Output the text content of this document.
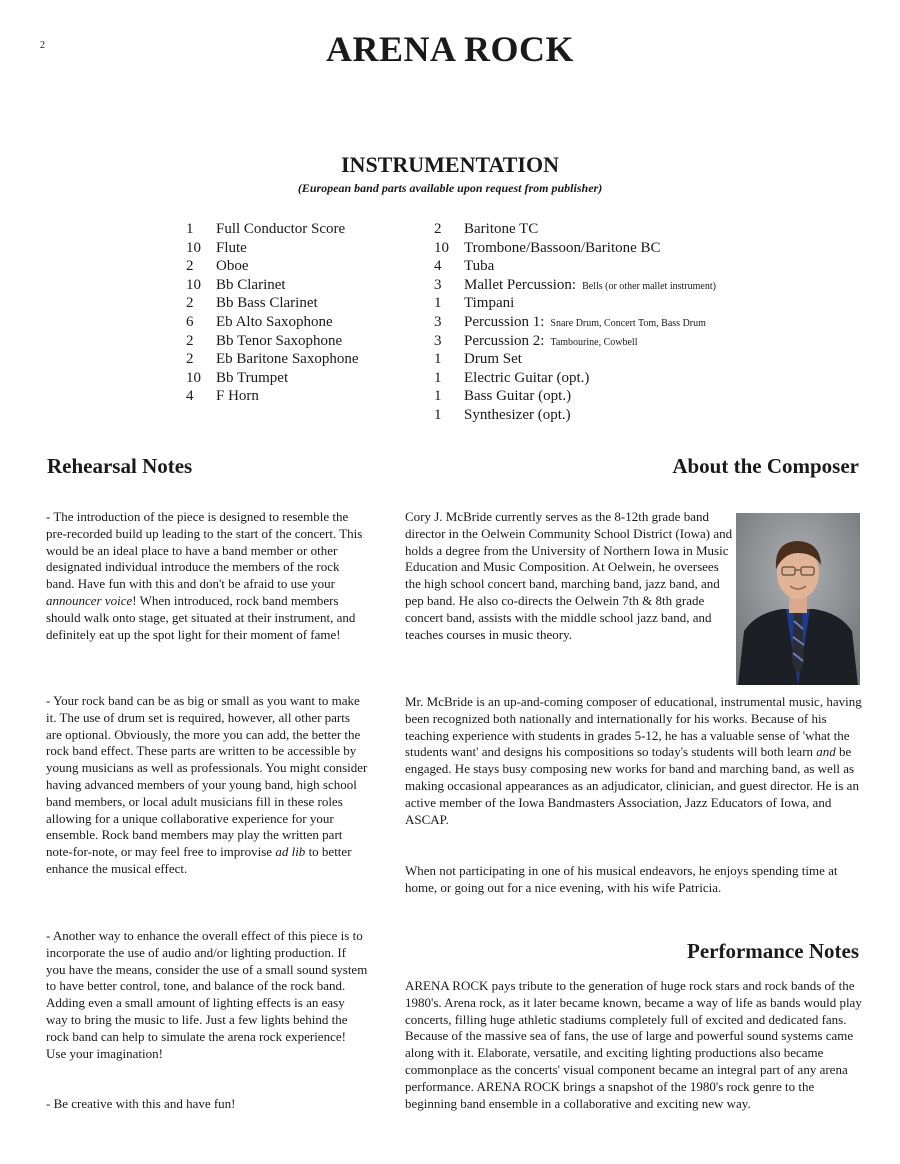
2	ARENA ROCK
INSTRUMENTATION
(European band parts available upon request from publisher)
1 Full Conductor Score
10 Flute
2 Oboe
10 Bb Clarinet
2 Bb Bass Clarinet
6 Eb Alto Saxophone
2 Bb Tenor Saxophone
2 Eb Baritone Saxophone
10 Bb Trumpet
4 F Horn
2 Baritone TC
10 Trombone/Bassoon/Baritone BC
4 Tuba
3 Mallet Percussion: Bells (or other mallet instrument)
1 Timpani
3 Percussion 1: Snare Drum, Concert Tom, Bass Drum
3 Percussion 2: Tambourine, Cowbell
1 Drum Set
1 Electric Guitar (opt.)
1 Bass Guitar (opt.)
1 Synthesizer (opt.)
Rehearsal Notes

- The introduction of the piece is designed to resemble the pre-recorded build up leading to the start of the concert. This would be an ideal place to have a band member or other designated individual introduce the members of the rock band. Have fun with this and don't be afraid to use your announcer voice! When introduced, rock band members should walk onto stage, get situated at their instrument, and definitely eat up the spot light for their moment of fame!

- Your rock band can be as big or small as you want to make it. The use of drum set is required, however, all other parts are optional. Obviously, the more you can add, the better the rock band effect. These parts are written to be accessible by young musicians as well as professionals. You might consider having advanced members of your young band, high school band members, or local adult musicians fill in these roles allowing for a unique collaborative experience for your ensemble. Rock band members may play the written part note-for-note, or may feel free to improvise ad lib to better enhance the musical effect.

- Another way to enhance the overall effect of this piece is to incorporate the use of audio and/or lighting production. If you have the means, consider the use of a small sound system to have better control, tone, and balance of the rock band. Adding even a small amount of lighting effects is an easy way to bring the music to life. Just a few lights behind the rock band can help to simulate the arena rock experience! Use your imagination!

- Be creative with this and have fun!

About the Composer

Cory J. McBride currently serves as the 8-12th grade band director in the Oelwein Community School District (Iowa) and holds a degree from the University of Northern Iowa in Music Education and Music Composition. At Oelwein, he oversees the high school concert band, marching band, jazz band, and pep band. He also co-directs the Oelwein 7th & 8th grade concert band, assists with the middle school jazz band, and teaches courses in music theory.

Mr. McBride is an up-and-coming composer of educational, instrumental music, having been recognized both nationally and internationally for his works. Because of his teaching experience with students in grades 5-12, he has a valuable sense of 'what the students want' and designs his compositions so today's students will both learn and be engaged. He stays busy composing new works for band and marching band, as well as making occasional appearances as an adjudicator, clinician, and guest director. He is an active member of the Iowa Bandmasters Association, Jazz Educators of Iowa, and ASCAP.

When not participating in one of his musical endeavors, he enjoys spending time at home, or going out for a nice evening, with his wife Patricia.

Performance Notes

ARENA ROCK pays tribute to the generation of huge rock stars and rock bands of the 1980's. Arena rock, as it later became known, became a way of life as bands would play concerts, filling huge athletic stadiums completely full of excited and dedicated fans. Because of the massive sea of fans, the use of large and powerful sound systems came along with it. Elaborate, versatile, and exciting lighting productions also became commonplace as the concerts' visual component became an integral part of any arena performance. ARENA ROCK brings a snapshot of the 1980's rock genre to the beginning band ensemble in a collaborative and exciting new way.
